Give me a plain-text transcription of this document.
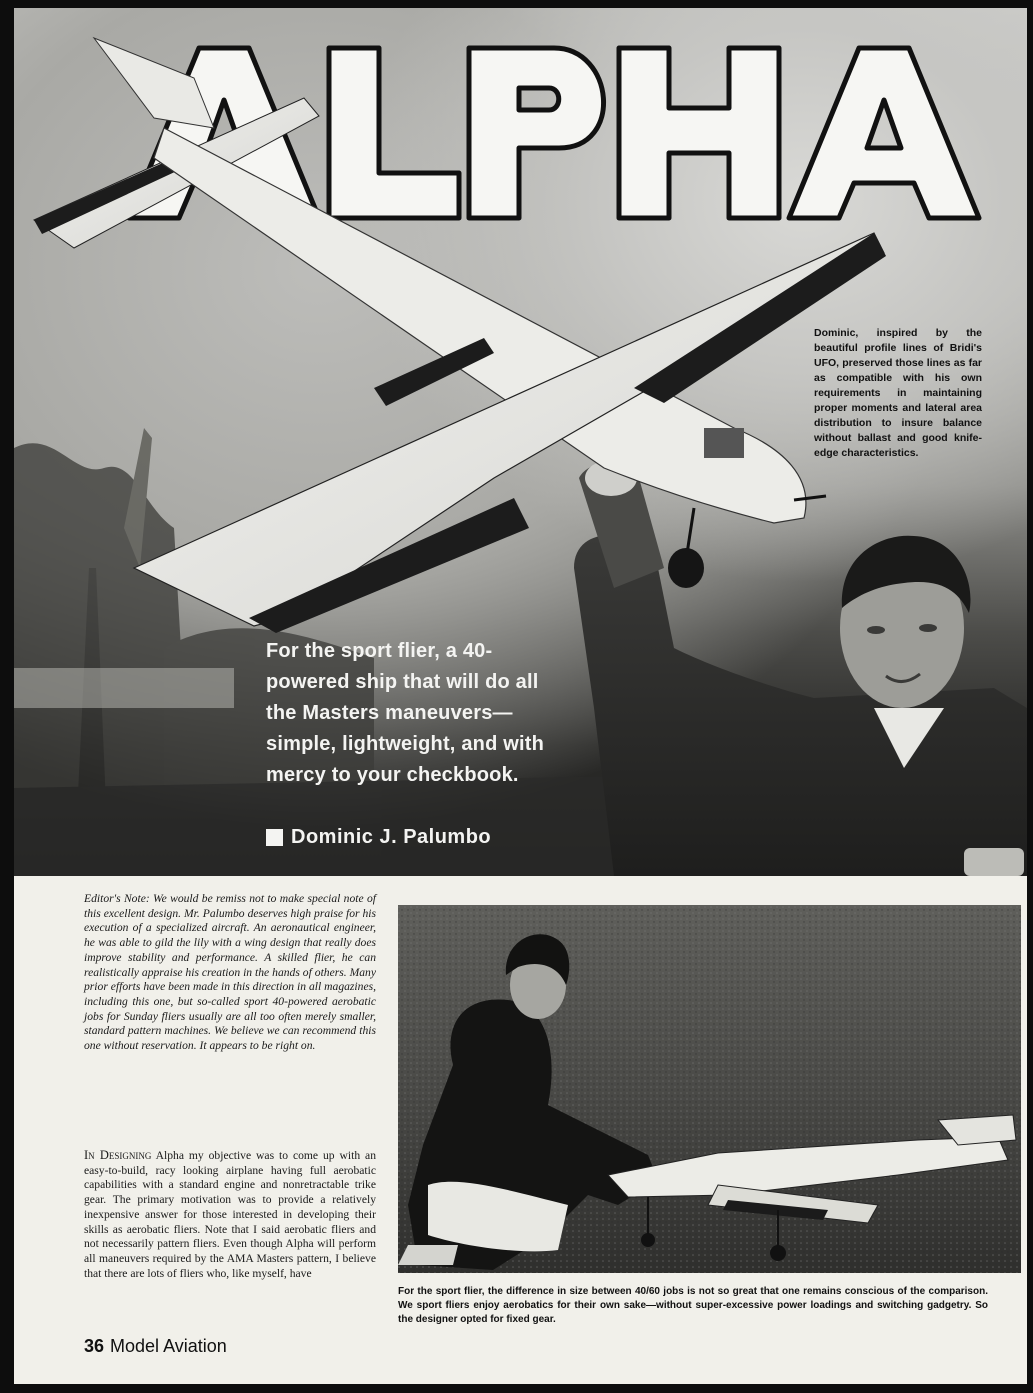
Dominic, inspired by the beautiful profile lines of Bridi's UFO, preserved those lines as far as compatible with his own requirements in maintaining proper moments and lateral area distribution to insure balance without ballast and good knife-edge characteristics.
For the sport flier, a 40-powered ship that will do all the Masters maneuvers—simple, lightweight, and with mercy to your checkbook.
Dominic J. Palumbo
Editor's Note: We would be remiss not to make special note of this excellent design. Mr. Palumbo deserves high praise for his execution of a specialized aircraft. An aeronautical engineer, he was able to gild the lily with a wing design that really does improve stability and performance. A skilled flier, he can realistically appraise his creation in the hands of others. Many prior efforts have been made in this direction in all magazines, including this one, but so-called sport 40-powered aerobatic jobs for Sunday fliers usually are all too often merely smaller, standard pattern machines. We believe we can recommend this one without reservation. It appears to be right on.
In Designing Alpha my objective was to come up with an easy-to-build, racy looking airplane having full aerobatic capabilities with a standard engine and nonretractable trike gear. The primary motivation was to provide a relatively inexpensive answer for those interested in developing their skills as aerobatic fliers. Note that I said aerobatic fliers and not necessarily pattern fliers. Even though Alpha will perform all maneuvers required by the AMA Masters pattern, I believe that there are lots of fliers who, like myself, have
For the sport flier, the difference in size between 40/60 jobs is not so great that one remains conscious of the comparison. We sport fliers enjoy aerobatics for their own sake—without super-excessive power loadings and switching gadgetry. So the designer opted for fixed gear.
36 Model Aviation
